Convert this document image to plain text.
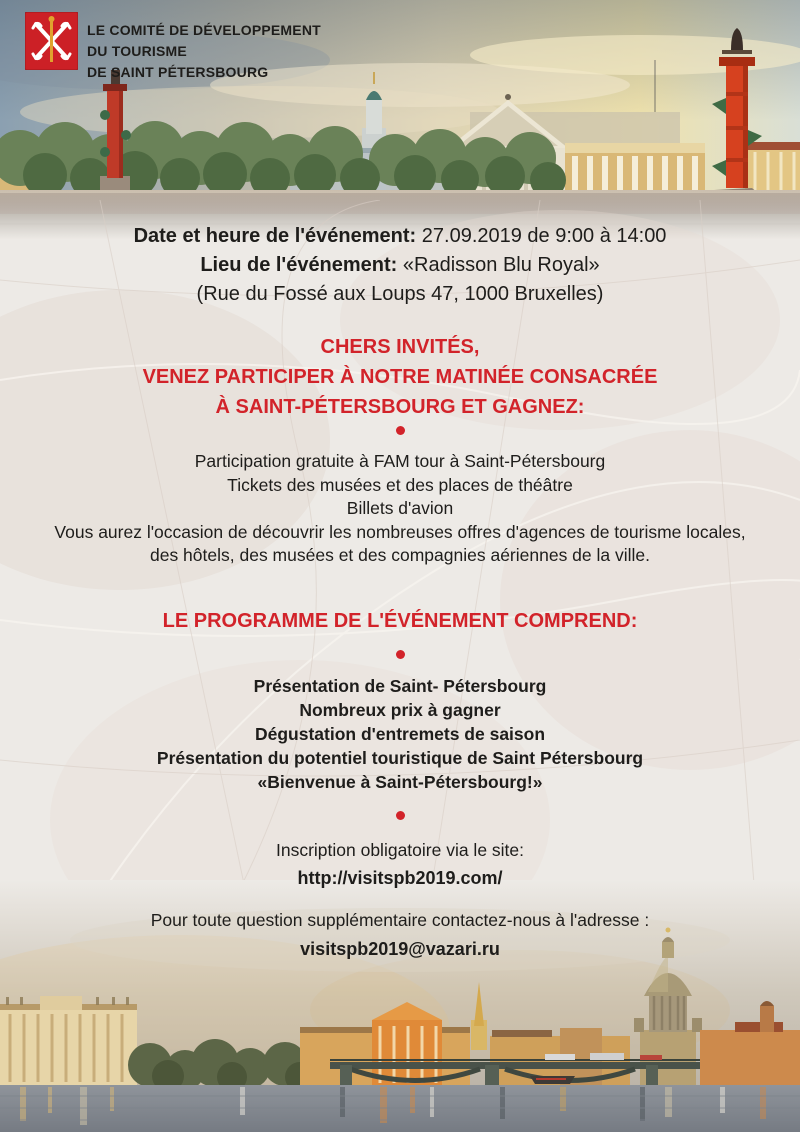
LE COMITÉ DE DÉVELOPPEMENT
DU TOURISME
DE SAINT PÉTERSBOURG

Date et heure de l'événement: 27.09.2019 de 9:00 à 14:00

Lieu de l'événement: «Radisson Blu Royal»

(Rue du Fossé aux Loups 47, 1000 Bruxelles)

CHERS INVITÉS,

VENEZ PARTICIPER À NOTRE MATINÉE CONSACRÉE

À SAINT-PÉTERSBOURG ET GAGNEZ:

Participation gratuite à FAM tour à Saint-Pétersbourg

Tickets des musées et des places de théâtre

Billets d'avion

Vous aurez l'occasion de découvrir les nombreuses offres d'agences de tourisme locales, des hôtels, des musées et des compagnies aériennes de la ville.

LE PROGRAMME DE L'ÉVÉNEMENT COMPREND:

Présentation de Saint- Pétersbourg

Nombreux prix à gagner

Dégustation d'entremets de saison

Présentation du potentiel touristique de Saint Pétersbourg

«Bienvenue à Saint-Pétersbourg!»

Inscription obligatoire via le site:

http://visitspb2019.com/

Pour toute question supplémentaire contactez-nous à l'adresse :

visitspb2019@vazari.ru
